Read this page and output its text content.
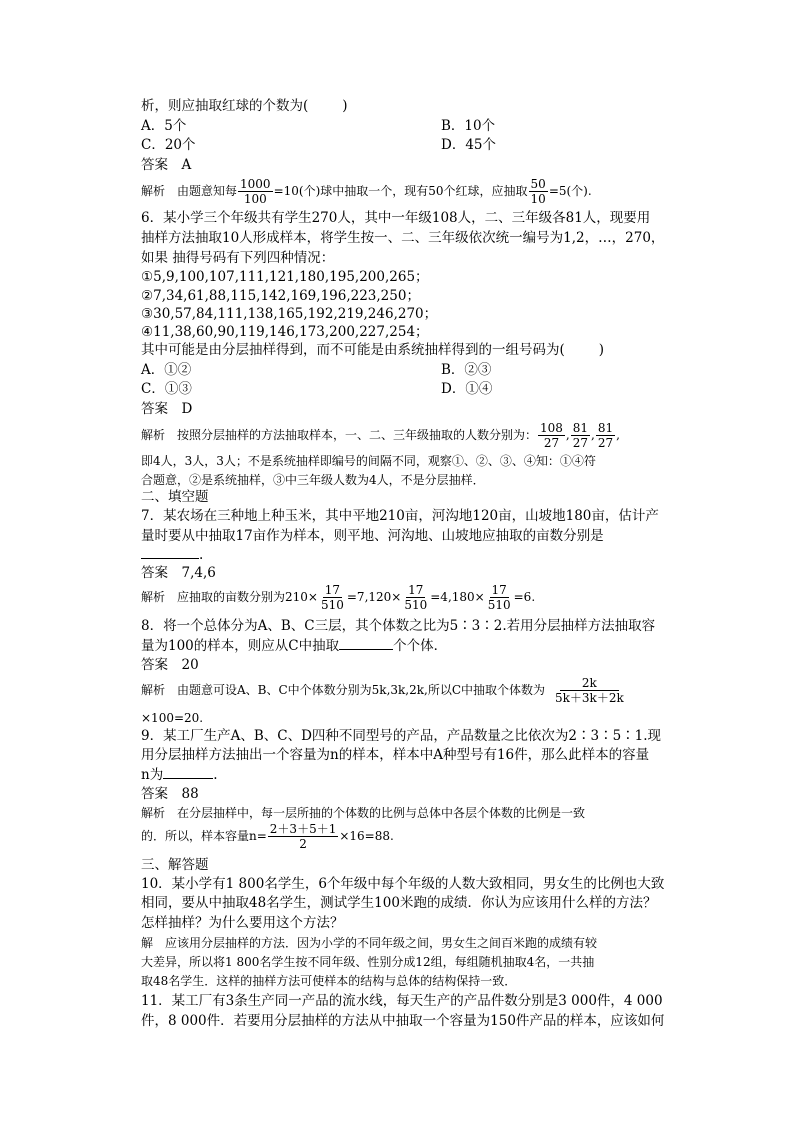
析，则应抽取红球的个数为(	)
A．5个	B．10个
C．20个	D．45个
答案　A
解析　由题意知每 $\frac{1000}{100} =10$(个)球中抽取一个，现有50个红球，应抽取 $\frac{50}{10} =5$(个).
6．某小学三个年级共有学生270人，其中一年级108人，二、三年级各81人，现要用
抽样方法抽取10人形成样本，将学生按一、二、三年级依次统一编号为1,2，…，270，
如果 抽得号码有下列四种情况：
①5,9,100,107,111,121,180,195,200,265；
②7,34,61,88,115,142,169,196,223,250；
③30,57,84,111,138,165,192,219,246,270；
④11,38,60,90,119,146,173,200,227,254；
其中可能是由分层抽样得到，而不可能是由系统抽样得到的一组号码为(	)
A．①②	B．②③
C．①③	D．①④
答案　D
解析　按照分层抽样的方法抽取样本，一、二、三年级抽取的人数分别为： $\frac{108}{27}$ , $\frac{81}{27}$ , $\frac{81}{27}$ ,
即4人，3人，3人；不是系统抽样即编号的间隔不同，观察①、②、③、④知：①④符
合题意，②是系统抽样，③中三年级人数为4人，不是分层抽样．
二、填空题
7．某农场在三种地上种玉米，其中平地210亩，河沟地120亩，山坡地180亩，估计产
量时要从中抽取17亩作为样本，则平地、河沟地、山坡地应抽取的亩数分别是
.
答案　7,4,6
解析　应抽取的亩数分别为$210\times \frac{17}{510} =7,120\times \frac{17}{510} =4,180\times \frac{17}{510} =6$.
8．将一个总体分为A、B、C三层，其个体数之比为5∶3∶2.若用分层抽样方法抽取容
量为100的样本，则应从C中抽取	个个体．
答案　20
解析　由题意可设A、B、C中个体数分别为5k,3k,2k,所以C中抽取个体数为 $\frac{2k}{5k+3k+2k}$
×100=20.
9．某工厂生产A、B、C、D四种不同型号的产品，产品数量之比依次为2∶3∶5∶1.现
用分层抽样方法抽出一个容量为n的样本，样本中A种型号有16件，那么此样本的容量
n为	.
答案　88
解析　在分层抽样中，每一层所抽的个体数的比例与总体中各层个体数的比例是一致
的．所以，样本容量$n= \frac{2+3+5+1}{2} \times 16=88$.
三、解答题
10．某小学有1 800名学生，6个年级中每个年级的人数大致相同，男女生的比例也大致
相同，要从中抽取48名学生，测试学生100米跑的成绩．你认为应该用什么样的方法？
怎样抽样？为什么要用这个方法？
解　应该用分层抽样的方法．因为小学的不同年级之间，男女生之间百米跑的成绩有较
大差异，所以将1 800名学生按不同年级、性别分成12组，每组随机抽取4名，一共抽
取48名学生．这样的抽样方法可使样本的结构与总体的结构保持一致．
11．某工厂有3条生产同一产品的流水线，每天生产的产品件数分别是3 000件，4 000
件，8 000件．若要用分层抽样的方法从中抽取一个容量为150件产品的样本，应该如何
